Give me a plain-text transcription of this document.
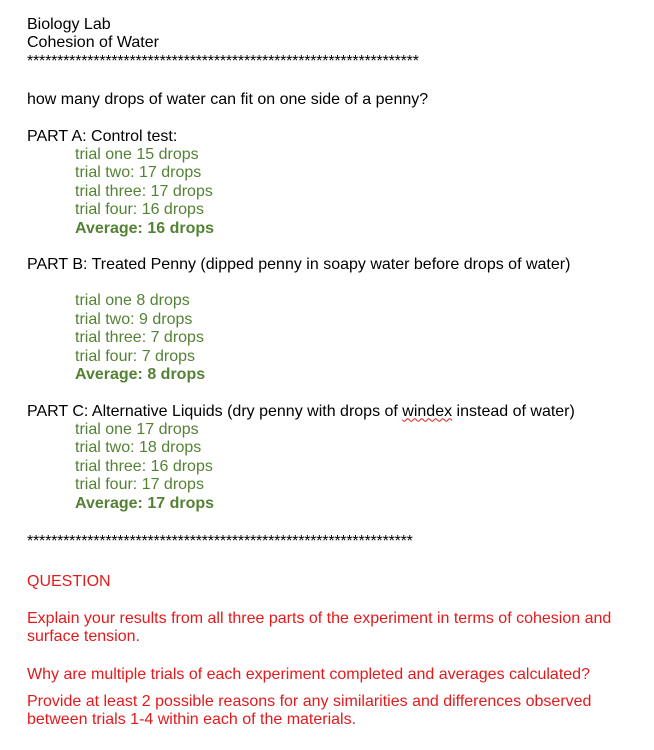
Biology Lab
Cohesion of Water
*****************************************************************
how many drops of water can fit on one side of a penny?
PART A: Control test:
trial one 15 drops
trial two: 17 drops
trial three: 17 drops
trial four: 16 drops
Average: 16 drops
PART B: Treated Penny (dipped penny in soapy water before drops of water)
trial one 8 drops
trial two: 9 drops
trial three: 7 drops
trial four: 7 drops
Average: 8 drops
PART C: Alternative Liquids (dry penny with drops of windex instead of water)
trial one 17 drops
trial two: 18 drops
trial three: 16 drops
trial four: 17 drops
Average: 17 drops
****************************************************************
QUESTION

Explain your results from all three parts of the experiment in terms of cohesion and surface tension.

Why are multiple trials of each experiment completed and averages calculated?

Provide at least 2 possible reasons for any similarities and differences observed between trials 1-4 within each of the materials.
